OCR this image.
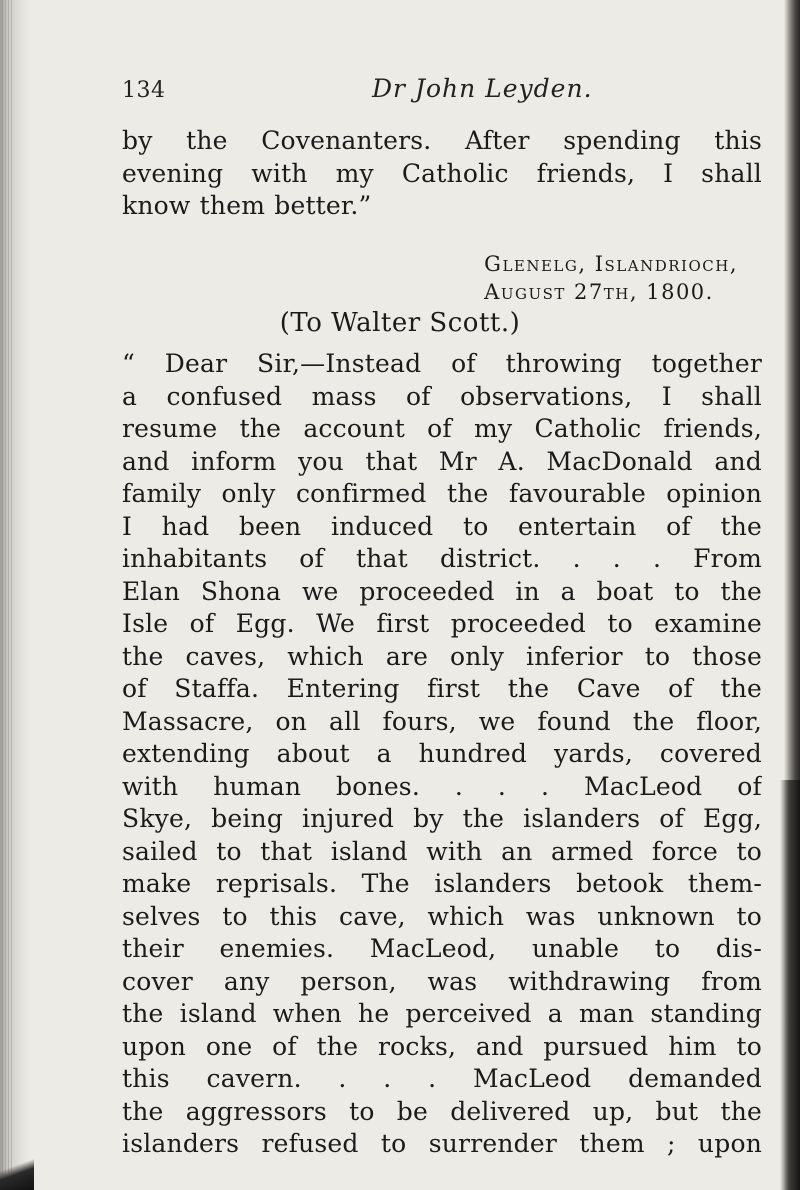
134	Dr John Leyden.
by the Covenanters. After spending this
evening with my Catholic friends, I shall
know them better.”
Glenelg, Islandrioch,
August 27th, 1800.
(To Walter Scott.)
“ Dear Sir,—Instead of throwing together
a confused mass of observations, I shall
resume the account of my Catholic friends,
and inform you that Mr A. MacDonald and
family only confirmed the favourable opinion
I had been induced to entertain of the
inhabitants of that district. . . . From
Elan Shona we proceeded in a boat to the
Isle of Egg. We first proceeded to examine
the caves, which are only inferior to those
of Staffa. Entering first the Cave of the
Massacre, on all fours, we found the floor,
extending about a hundred yards, covered
with human bones. . . . MacLeod of
Skye, being injured by the islanders of Egg,
sailed to that island with an armed force to
make reprisals. The islanders betook them-
selves to this cave, which was unknown to
their enemies. MacLeod, unable to dis-
cover any person, was withdrawing from
the island when he perceived a man standing
upon one of the rocks, and pursued him to
this cavern. . . . MacLeod demanded
the aggressors to be delivered up, but the
islanders refused to surrender them ; upon
